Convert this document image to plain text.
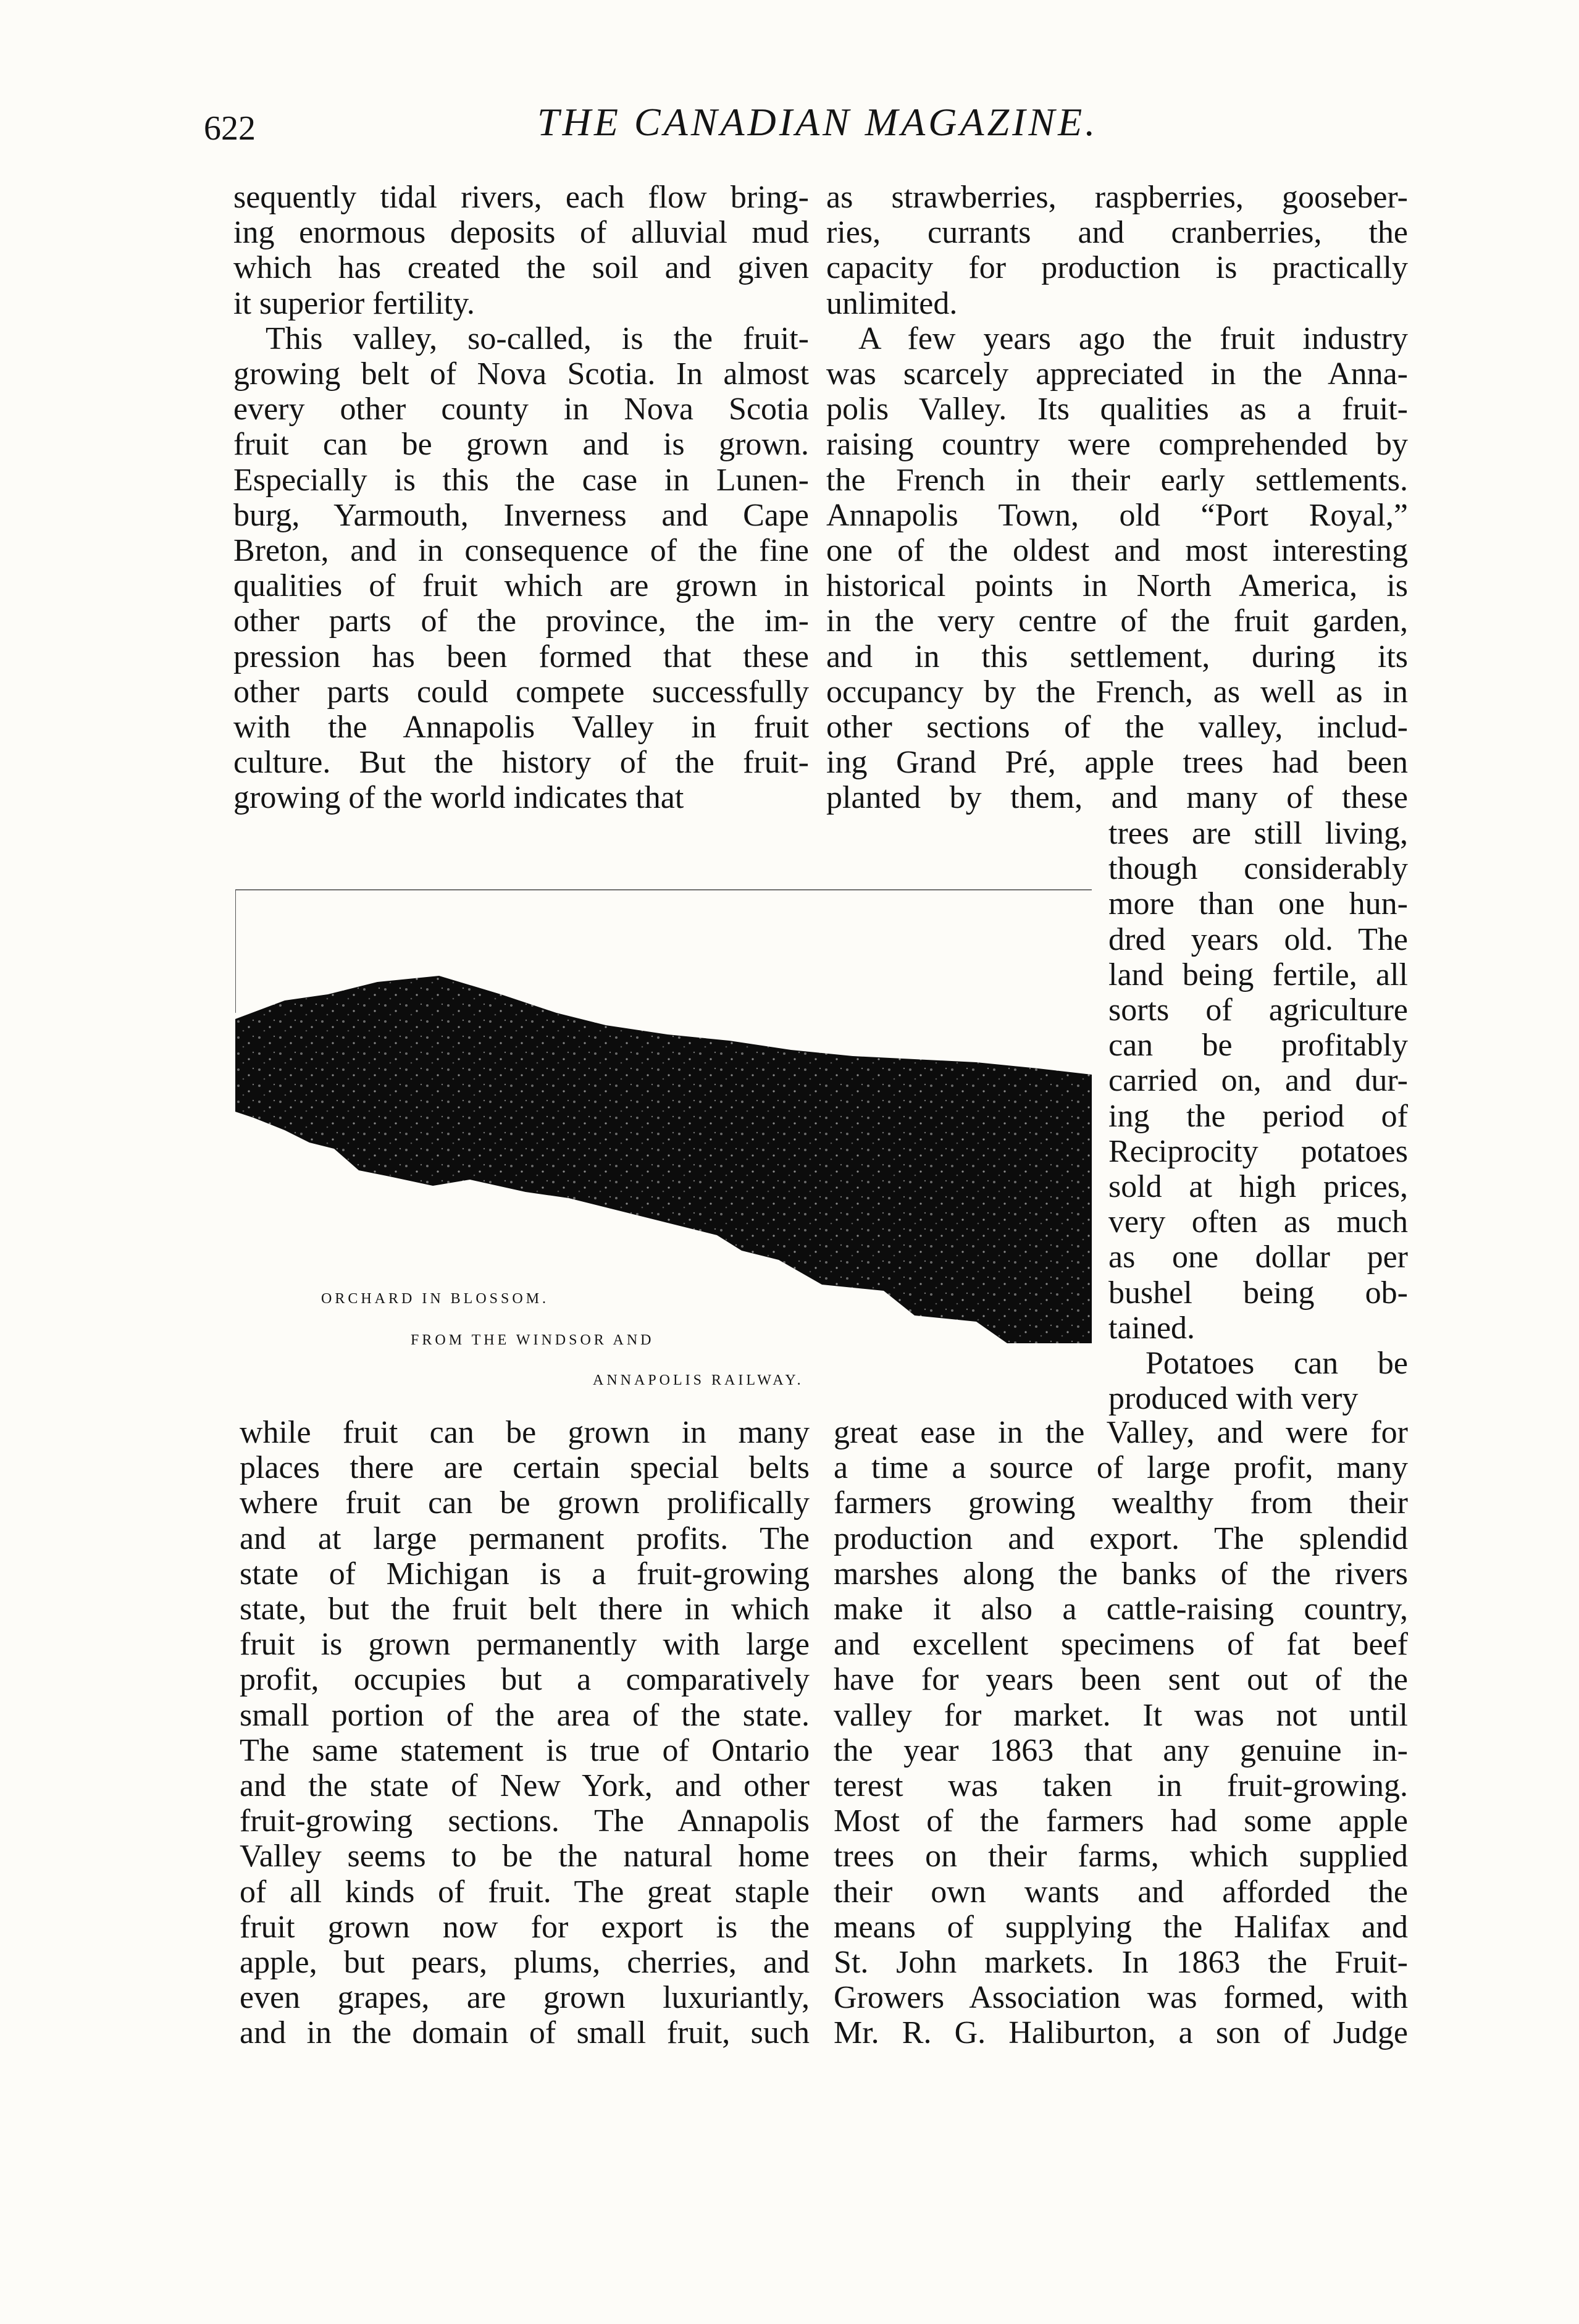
622	THE CANADIAN MAGAZINE.
sequently tidal rivers, each flow bring-
ing enormous deposits of alluvial mud
which has created the soil and given
it superior fertility.
This valley, so-called, is the fruit-
growing belt of Nova Scotia. In almost
every other county in Nova Scotia
fruit can be grown and is grown.
Especially is this the case in Lunen-
burg, Yarmouth, Inverness and Cape
Breton, and in consequence of the fine
qualities of fruit which are grown in
other parts of the province, the im-
pression has been formed that these
other parts could compete successfully
with the Annapolis Valley in fruit
culture. But the history of the fruit-
growing of the world indicates that
as strawberries, raspberries, gooseber-
ries, currants and cranberries, the
capacity for production is practically
unlimited.
A few years ago the fruit industry
was scarcely appreciated in the Anna-
polis Valley. Its qualities as a fruit-
raising country were comprehended by
the French in their early settlements.
Annapolis Town, old “Port Royal,”
one of the oldest and most interesting
historical points in North America, is
in the very centre of the fruit garden,
and in this settlement, during its
occupancy by the French, as well as in
other sections of the valley, includ-
ing Grand Pré, apple trees had been
planted by them, and many of these
trees are still living,
though considerably
more than one hun-
dred years old. The
land being fertile, all
sorts of agriculture
can be profitably
carried on, and dur-
ing the period of
Reciprocity potatoes
sold at high prices,
very often as much
as one dollar per
bushel being ob-
tained.
Potatoes can be
produced with very
while fruit can be grown in many
places there are certain special belts
where fruit can be grown prolifically
and at large permanent profits. The
state of Michigan is a fruit-growing
state, but the fruit belt there in which
fruit is grown permanently with large
profit, occupies but a comparatively
small portion of the area of the state.
The same statement is true of Ontario
and the state of New York, and other
fruit-growing sections. The Annapolis
Valley seems to be the natural home
of all kinds of fruit. The great staple
fruit grown now for export is the
apple, but pears, plums, cherries, and
even grapes, are grown luxuriantly,
and in the domain of small fruit, such
great ease in the Valley, and were for
a time a source of large profit, many
farmers growing wealthy from their
production and export. The splendid
marshes along the banks of the rivers
make it also a cattle-raising country,
and excellent specimens of fat beef
have for years been sent out of the
valley for market. It was not until
the year 1863 that any genuine in-
terest was taken in fruit-growing.
Most of the farmers had some apple
trees on their farms, which supplied
their own wants and afforded the
means of supplying the Halifax and
St. John markets. In 1863 the Fruit-
Growers Association was formed, with
Mr. R. G. Haliburton, a son of Judge
ORCHARD IN BLOSSOM.
FROM THE WINDSOR AND
ANNAPOLIS RAILWAY.
